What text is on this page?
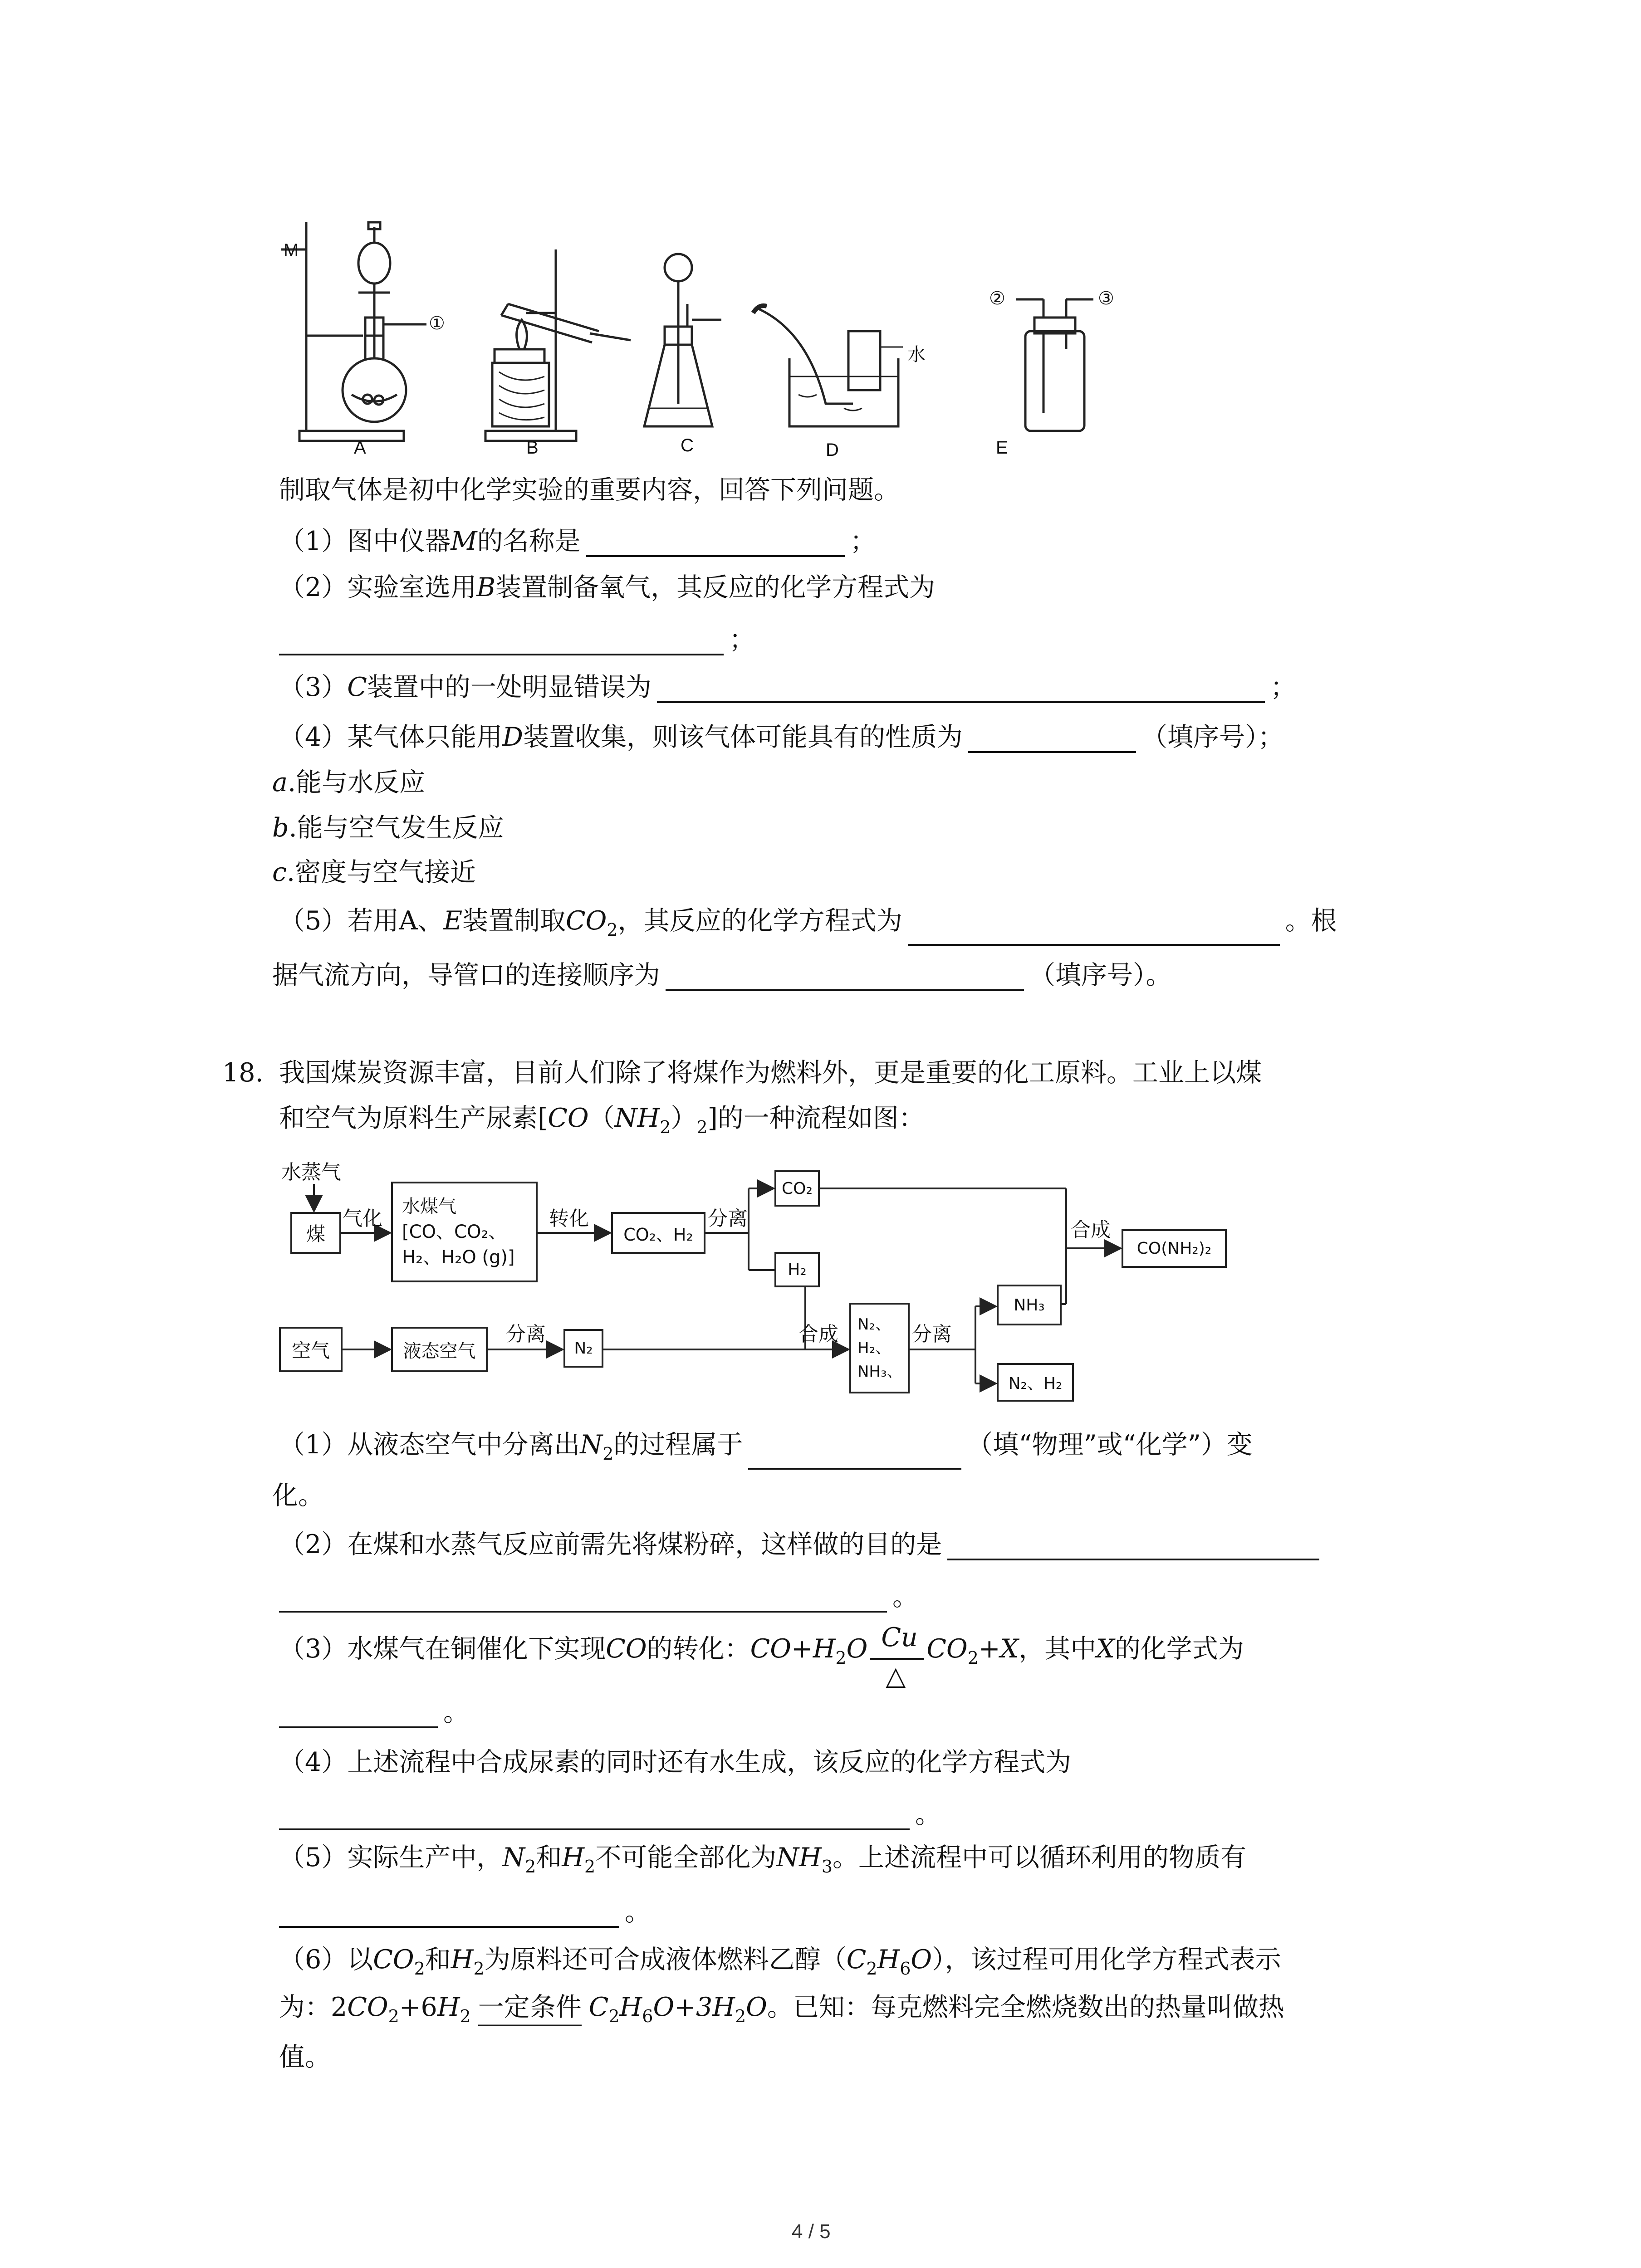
M
①
②	③
水
A	B	C	D	E
制取气体是初中化学实验的重要内容，回答下列问题。
（1）图中仪器M的名称是	；
（2）实验室选用B装置制备氧气，其反应的化学方程式为
；
（3）C装置中的一处明显错误为	；
（4）某气体只能用D装置收集，则该气体可能具有的性质为	（填序号）；
a.能与水反应
b.能与空气发生反应
c.密度与空气接近
（5）若用A、E装置制取$CO_2$，其反应的化学方程式为	。根
据气流方向，导管口的连接顺序为	（填序号）。
18. 我国煤炭资源丰富，目前人们除了将煤作为燃料外，更是重要的化工原料。工业上以煤
和空气为原料生产尿素$[CO(NH_2)_2]$的一种流程如图：
水蒸气
煤
气化
水煤气
[CO、CO₂、
H₂、H₂O (g)]
转化
CO₂、H₂
分离
CO₂
H₂
合成
CO(NH₂)₂
空气	液态空气
分离
N₂
合成 N₂、
H₂、
NH₃、
分离
NH₃
N₂、H₂
（1）从液态空气中分离出$N_2$的过程属于	（填“物理”或“化学”）变
化。
（2）在煤和水蒸气反应前需先将煤粉碎，这样做的目的是
。
（3）水煤气在铜催化下实现CO的转化：$CO+H_2O$ Cu
△
$CO_2+X$，其中X的化学式为
。
（4）上述流程中合成尿素的同时还有水生成，该反应的化学方程式为
。
（5）实际生产中，$N_2$和$H_2$不可能全部化为$NH_3$。上述流程中可以循环利用的物质有
。
（6）以$CO_2$和$H_2$为原料还可合成液体燃料乙醇$(C_2H_6O)$，该过程可用化学方程式表示
为：$2CO_2+6H_2$ 一定条件 $C_2H_6O+3H_2O$。已知：每克燃料完全燃烧数出的热量叫做热
值。
4 / 5
